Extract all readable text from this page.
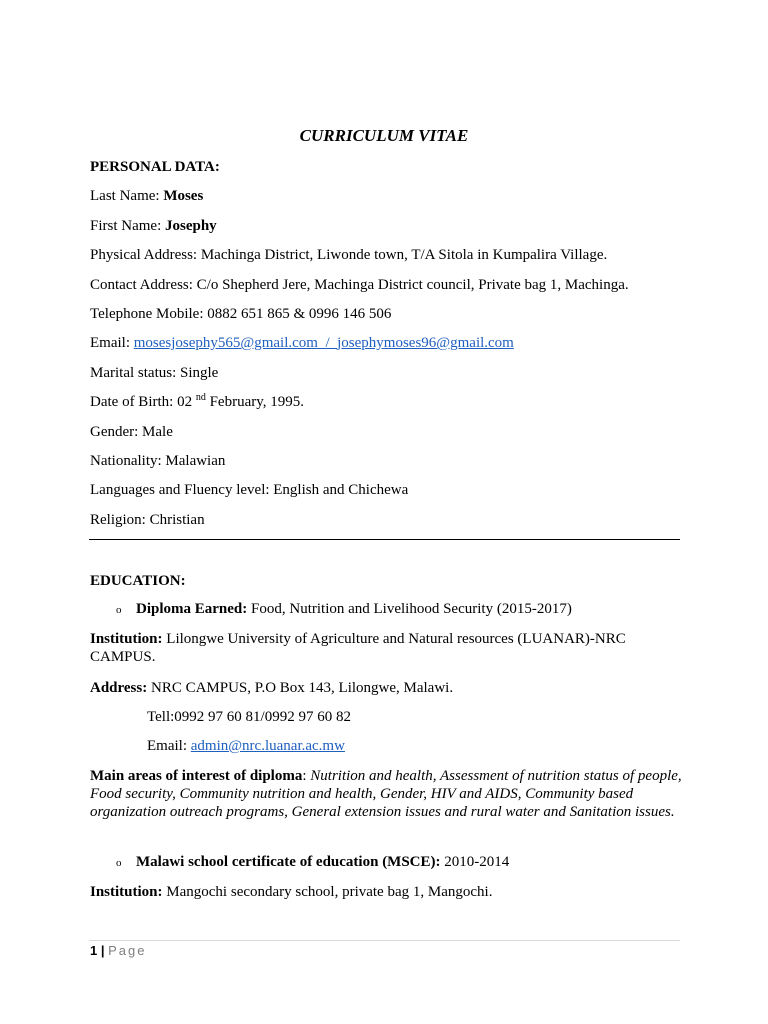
CURRICULUM VITAE
PERSONAL DATA:
Last Name: Moses
First Name: Josephy
Physical Address: Machinga District, Liwonde town, T/A Sitola in Kumpalira Village.
Contact Address: C/o Shepherd Jere, Machinga District council, Private bag 1, Machinga.
Telephone Mobile: 0882 651 865 & 0996 146 506
Email: mosesjosephy565@gmail.com  /  josephymoses96@gmail.com
Marital status: Single
Date of Birth: 02 $^{nd}$ February, 1995.
Gender: Male
Nationality: Malawian
Languages and Fluency level: English and Chichewa
Religion: Christian
EDUCATION:
o Diploma Earned: Food, Nutrition and Livelihood Security (2015-2017)
Institution: Lilongwe University of Agriculture and Natural resources (LUANAR)-NRC CAMPUS.
Address: NRC CAMPUS, P.O Box 143, Lilongwe, Malawi.
Tell:0992 97 60 81/0992 97 60 82
Email: admin@nrc.luanar.ac.mw
Main areas of interest of diploma: Nutrition and health, Assessment of nutrition status of people, Food security, Community nutrition and health, Gender, HIV and AIDS, Community based organization outreach programs, General extension issues and rural water and Sanitation issues.
o Malawi school certificate of education (MSCE): 2010-2014
Institution: Mangochi secondary school, private bag 1, Mangochi.
1 | Page
